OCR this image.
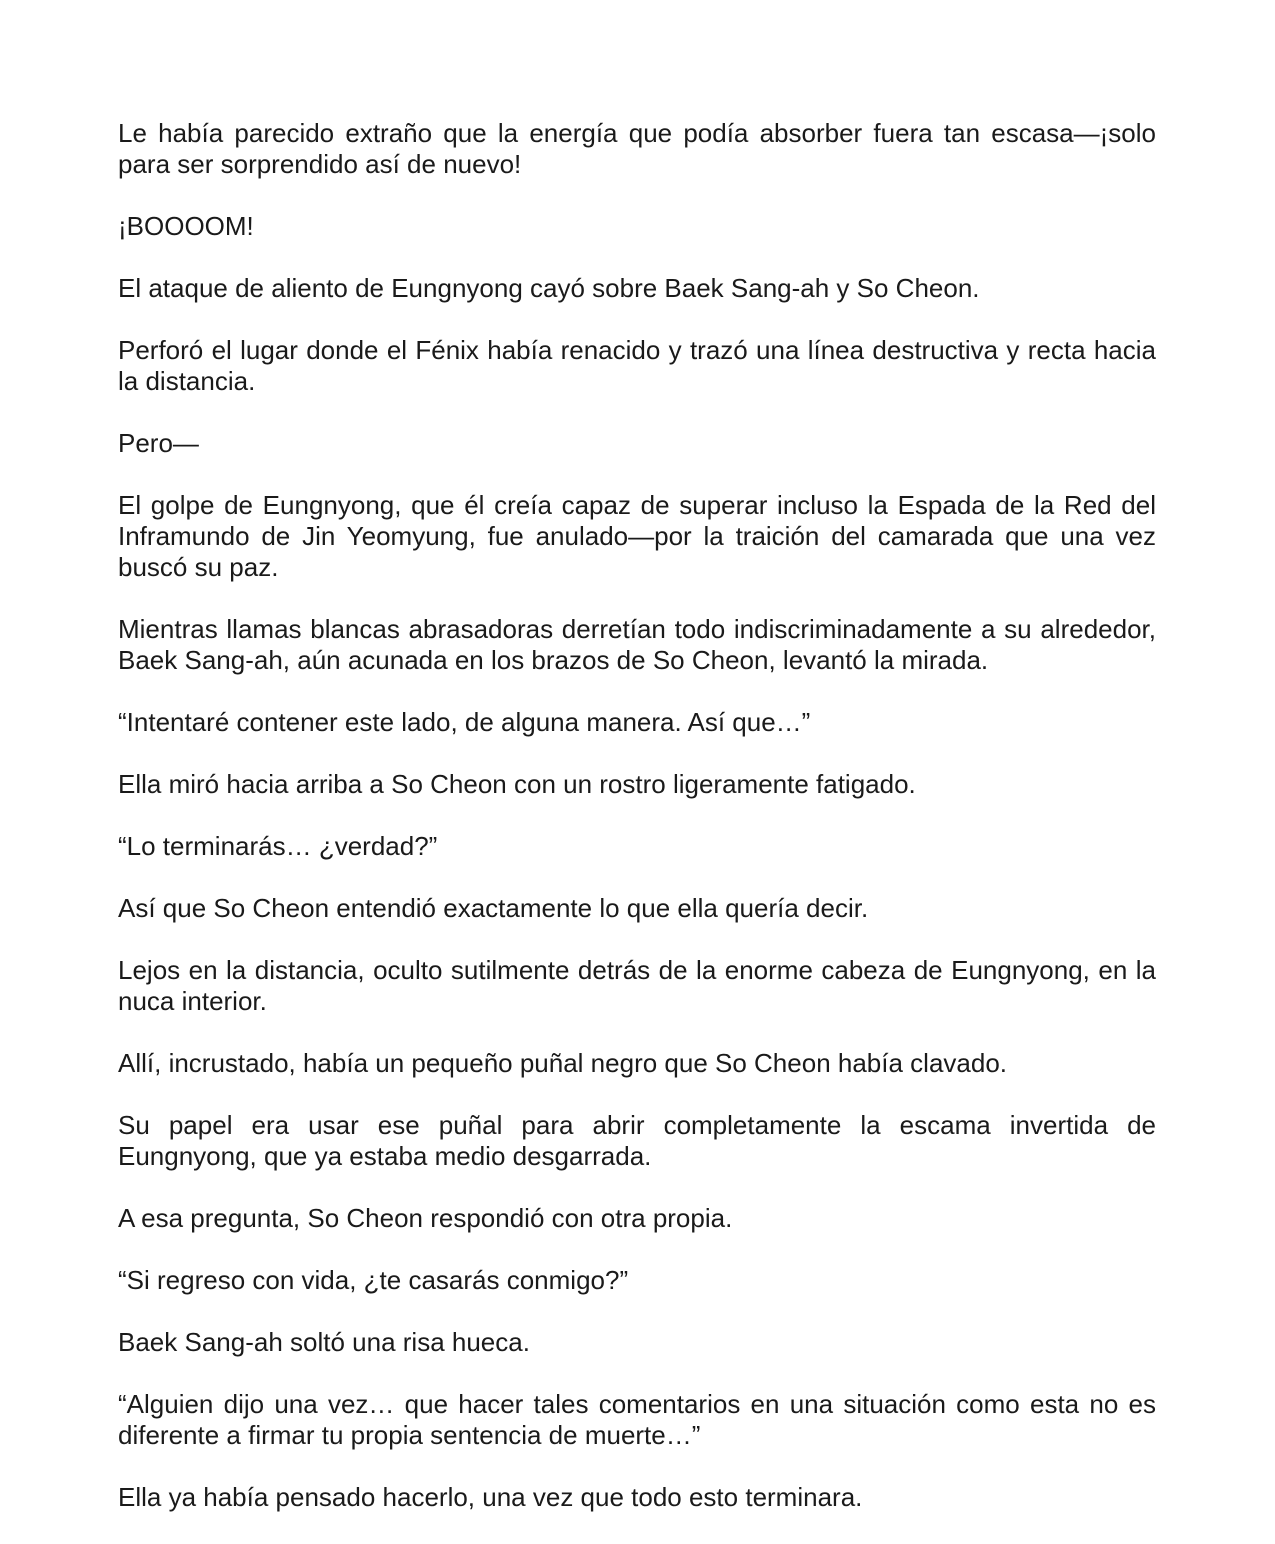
Le había parecido extraño que la energía que podía absorber fuera tan escasa—¡solo para ser sorprendido así de nuevo!

¡BOOOOM!

El ataque de aliento de Eungnyong cayó sobre Baek Sang-ah y So Cheon.

Perforó el lugar donde el Fénix había renacido y trazó una línea destructiva y recta hacia la distancia.

Pero—

El golpe de Eungnyong, que él creía capaz de superar incluso la Espada de la Red del Inframundo de Jin Yeomyung, fue anulado—por la traición del camarada que una vez buscó su paz.

Mientras llamas blancas abrasadoras derretían todo indiscriminadamente a su alrededor, Baek Sang-ah, aún acunada en los brazos de So Cheon, levantó la mirada.

“Intentaré contener este lado, de alguna manera. Así que…”

Ella miró hacia arriba a So Cheon con un rostro ligeramente fatigado.

“Lo terminarás… ¿verdad?”

Así que So Cheon entendió exactamente lo que ella quería decir.

Lejos en la distancia, oculto sutilmente detrás de la enorme cabeza de Eungnyong, en la nuca interior.

Allí, incrustado, había un pequeño puñal negro que So Cheon había clavado.

Su papel era usar ese puñal para abrir completamente la escama invertida de Eungnyong, que ya estaba medio desgarrada.

A esa pregunta, So Cheon respondió con otra propia.

“Si regreso con vida, ¿te casarás conmigo?”

Baek Sang-ah soltó una risa hueca.

“Alguien dijo una vez… que hacer tales comentarios en una situación como esta no es diferente a firmar tu propia sentencia de muerte…”

Ella ya había pensado hacerlo, una vez que todo esto terminara.
